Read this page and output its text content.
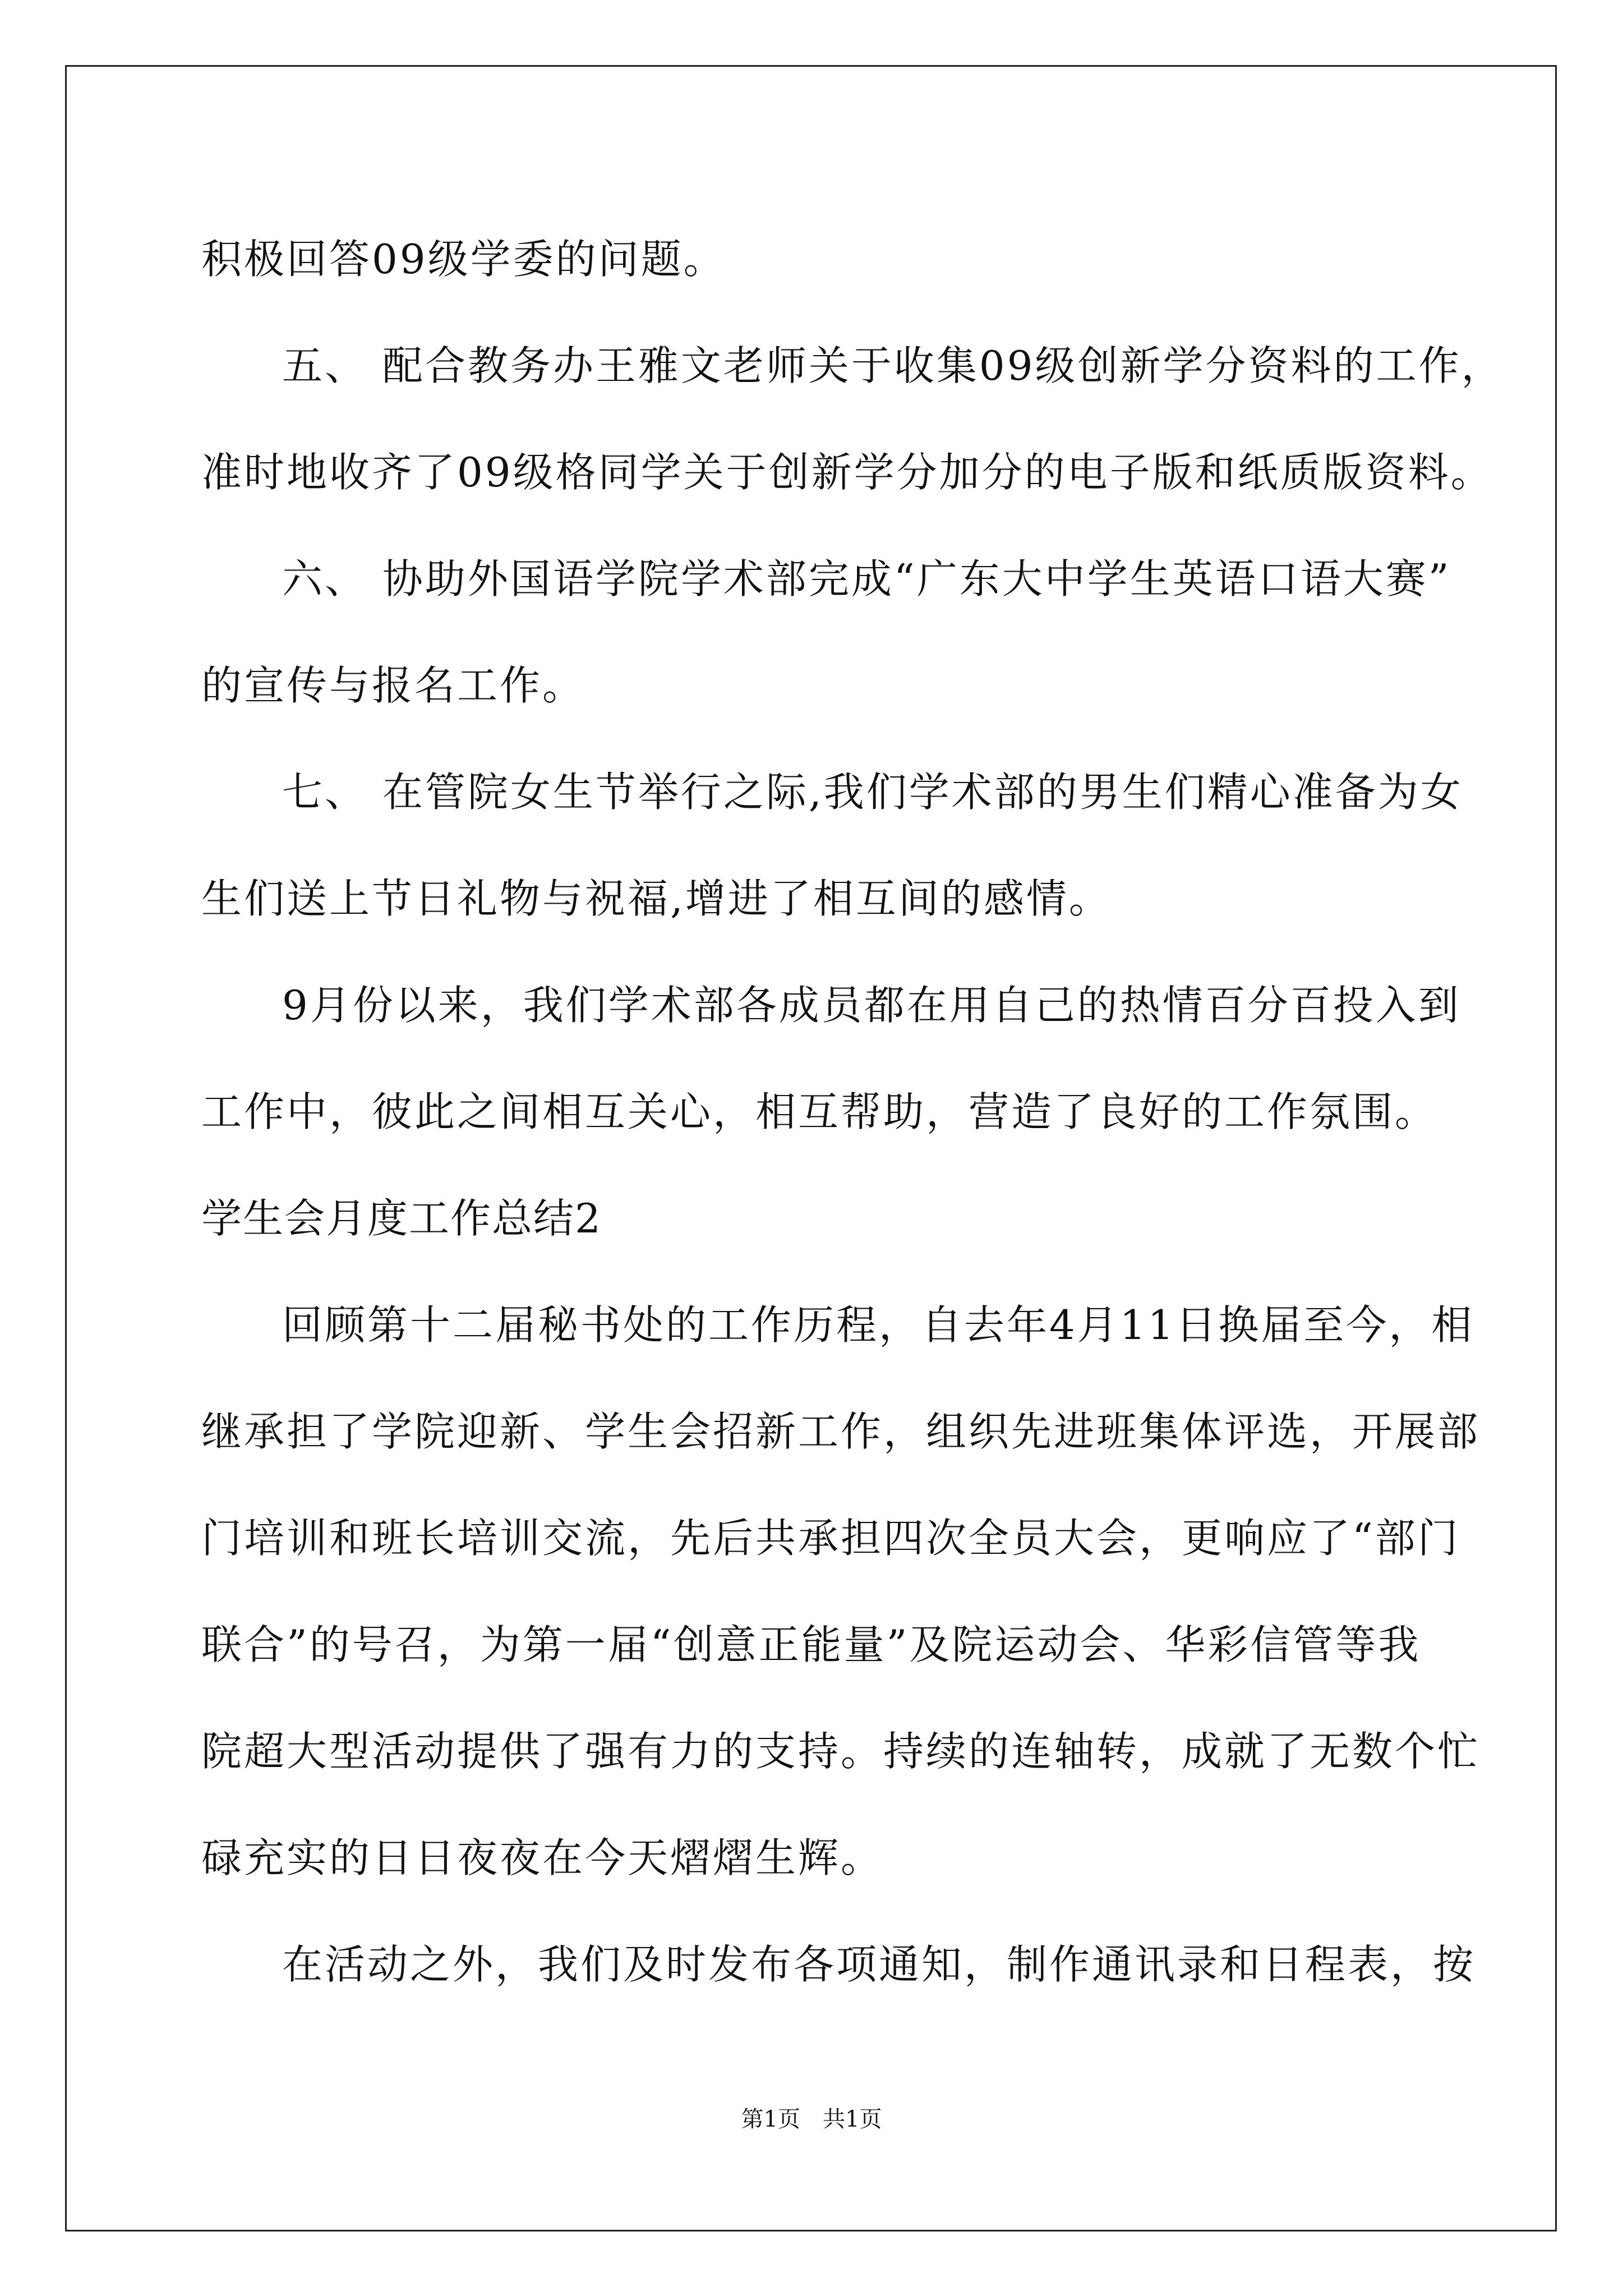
积极回答09级学委的问题。
五、 配合教务办王雅文老师关于收集09级创新学分资料的工作，
准时地收齐了09级格同学关于创新学分加分的电子版和纸质版资料。
六、 协助外国语学院学术部完成“广东大中学生英语口语大赛”
的宣传与报名工作。
七、 在管院女生节举行之际,我们学术部的男生们精心准备为女
生们送上节日礼物与祝福,增进了相互间的感情。
9月份以来，我们学术部各成员都在用自己的热情百分百投入到
工作中，彼此之间相互关心，相互帮助，营造了良好的工作氛围。
学生会月度工作总结2
回顾第十二届秘书处的工作历程，自去年4月11日换届至今，相
继承担了学院迎新、学生会招新工作，组织先进班集体评选，开展部
门培训和班长培训交流，先后共承担四次全员大会，更响应了“部门
联合”的号召，为第一届“创意正能量”及院运动会、华彩信管等我
院超大型活动提供了强有力的支持。持续的连轴转，成就了无数个忙
碌充实的日日夜夜在今天熠熠生辉。
在活动之外，我们及时发布各项通知，制作通讯录和日程表，按
第1页　共1页
